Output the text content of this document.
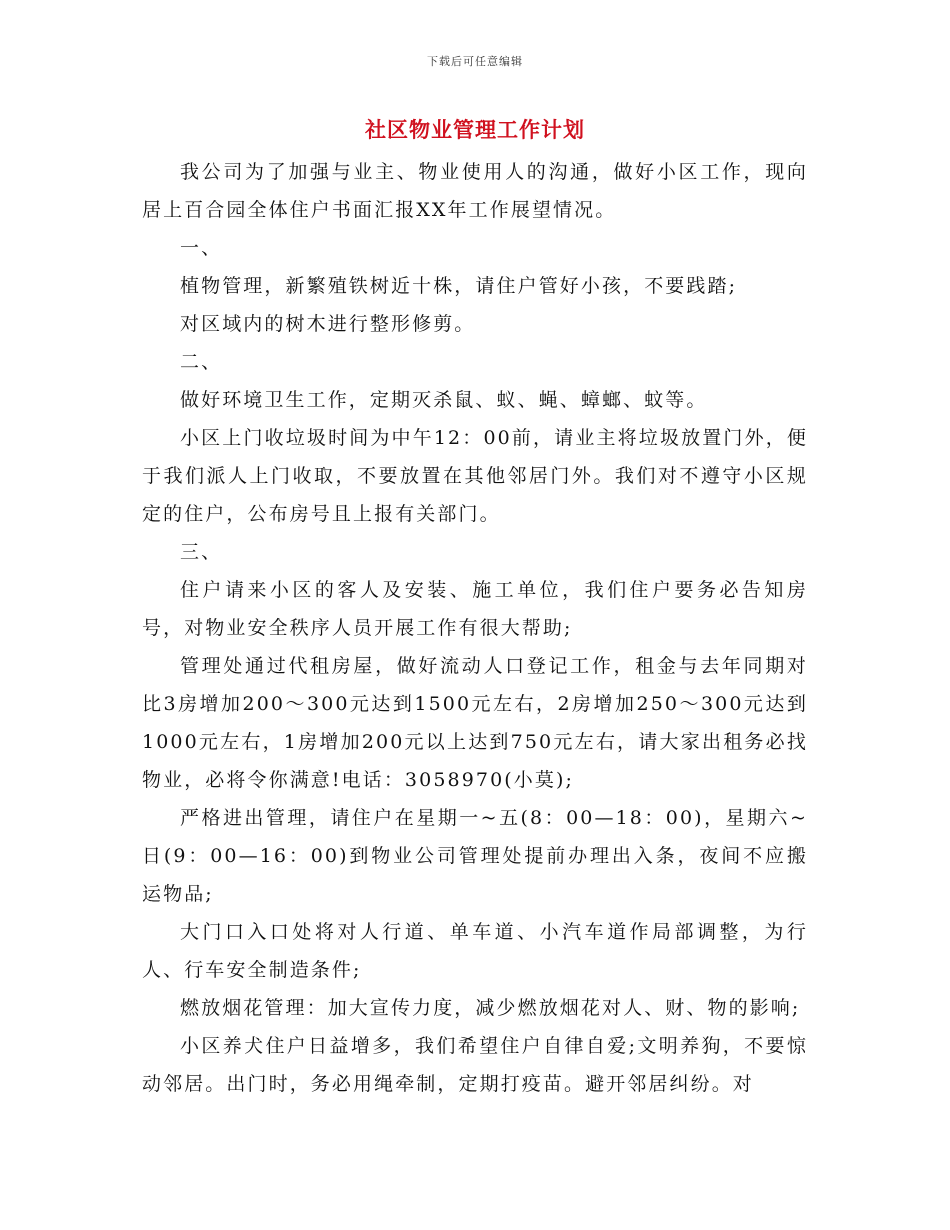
下载后可任意编辑
社区物业管理工作计划

我公司为了加强与业主、物业使用人的沟通，做好小区工作，现向居上百合园全体住户书面汇报XX年工作展望情况。

一、

植物管理，新繁殖铁树近十株，请住户管好小孩，不要践踏;

对区域内的树木进行整形修剪。

二、

做好环境卫生工作，定期灭杀鼠、蚁、蝇、蟑螂、蚊等。

小区上门收垃圾时间为中午12：00前，请业主将垃圾放置门外，便于我们派人上门收取，不要放置在其他邻居门外。我们对不遵守小区规定的住户，公布房号且上报有关部门。

三、

住户请来小区的客人及安装、施工单位，我们住户要务必告知房号，对物业安全秩序人员开展工作有很大帮助;

管理处通过代租房屋，做好流动人口登记工作，租金与去年同期对比3房增加200～300元达到1500元左右，2房增加250～300元达到1000元左右，1房增加200元以上达到750元左右，请大家出租务必找物业，必将令你满意!电话：3058970(小莫);

严格进出管理，请住户在星期一~五(8：00—18：00)，星期六~日(9：00—16：00)到物业公司管理处提前办理出入条，夜间不应搬运物品;

大门口入口处将对人行道、单车道、小汽车道作局部调整，为行人、行车安全制造条件;

燃放烟花管理：加大宣传力度，减少燃放烟花对人、财、物的影响;

小区养犬住户日益增多，我们希望住户自律自爱;文明养狗，不要惊动邻居。出门时，务必用绳牵制，定期打疫苗。避开邻居纠纷。对
